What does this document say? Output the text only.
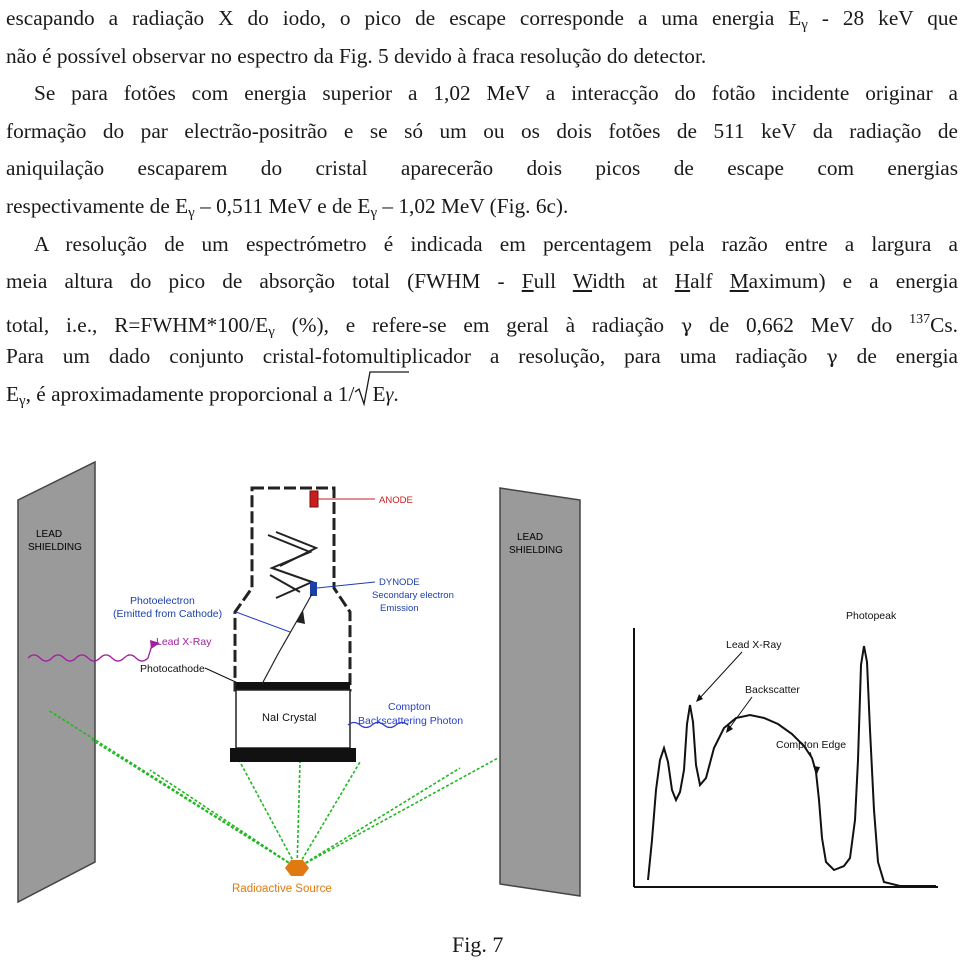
escapando a radiação X do iodo, o pico de escape corresponde a uma energia Eγ - 28 keV que
não é possível observar no espectro da Fig. 5 devido à fraca resolução do detector.
Se para fotões com energia superior a 1,02 MeV a interacção do fotão incidente originar a
formação do par electrão-positrão e se só um ou os dois fotões de 511 keV da radiação de
aniquilação escaparem do cristal aparecerão dois picos de escape com energias
respectivamente de Eγ – 0,511 MeV e de Eγ – 1,02 MeV (Fig. 6c).
A resolução de um espectrómetro é indicada em percentagem pela razão entre a largura a
meia altura do pico de absorção total (FWHM - Full Width at Half Maximum) e a energia
total, i.e., R=FWHM*100/Eγ (%), e refere-se em geral à radiação γ de 0,662 MeV do $^{137}$Cs.
Para um dado conjunto cristal-fotomultiplicador a resolução, para uma radiação γ de energia
Eγ, é aproximadamente proporcional a 1/ Eγ.
LEAD
SHIELDING
LEAD
SHIELDING
ANODE
DYNODE
Secondary electron
Emission
Photoelectron
(Emitted from Cathode)
Lead X-Ray
Photocathode
NaI Crystal
Compton
Backscattering Photon
Radioactive Source
Photopeak
Lead X-Ray
Backscatter
Compton Edge
Fig. 7
